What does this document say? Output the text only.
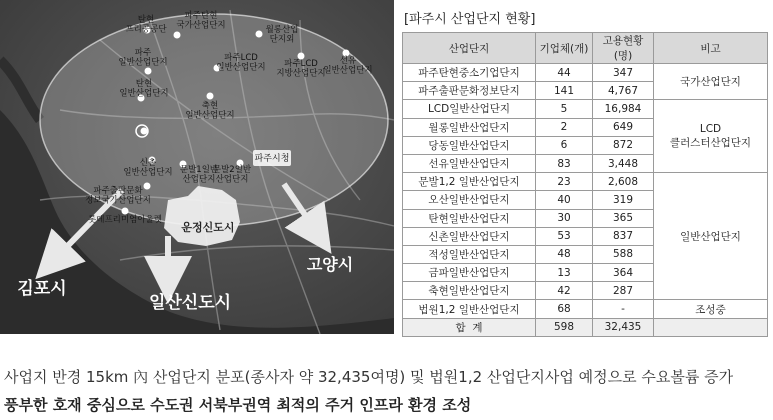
탄현 프리공공단
파주탄현 국가산업단지	월롱산업 단지외
파주 일반산업단지	파주LCD 일반산업단지	파주LCD 지방산업단지
선유 일반산업단지
탄현 일반산업단지
축현 일반산업단지
신촌 일반산업단지 문발1일반 산업단지
문발2일반 산업단지
파주출판문화 정보국가산업단지
롯데프리미엄아울렛
파주시청
운정신도시
김포시
일산신도시
고양시
[파주시 산업단지 현황]
산업단지	기업체(개)	고용현황(명)	비고
파주탄현중소기업단지	44	347	국가산업단지
파주출판문화정보단지	141	4,767	
LCD일반산업단지	5	16,984	LCD
클러스터산업단지
월롱일반산업단지	2	649	
당동일반산업단지	6	872	
선유일반산업단지	83	3,448	
문발1,2 일반산업단지	23	2,608	일반산업단지
오산일반산업단지	40	319	
탄현일반산업단지	30	365	
신촌일반산업단지	53	837	
적성일반산업단지	48	588	
금파일반산업단지	13	364	
축현일반산업단지	42	287	
법원1,2 일반산업단지	68	-	조성중
합  계	598	32,435	
사업지 반경 15km 內 산업단지 분포(종사자 약 32,435여명) 및 법원1,2 산업단지사업 예정으로 수요볼륨 증가
풍부한 호재 중심으로 수도권 서북부권역 최적의 주거 인프라 환경 조성
